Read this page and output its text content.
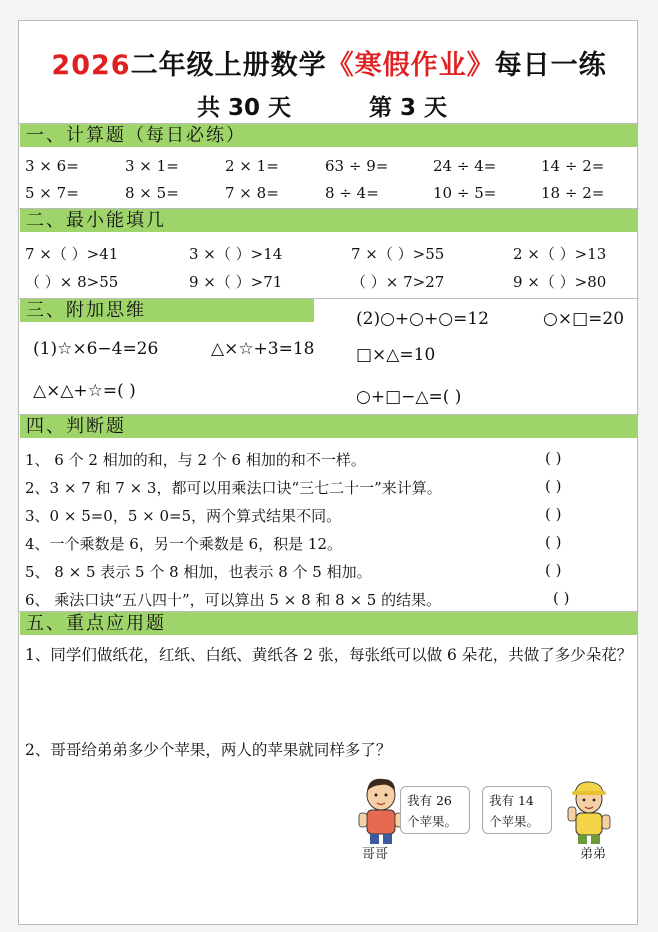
2026二年级上册数学《寒假作业》每日一练
共 30 天	第 3 天
一、计算题（每日必练）
3 × 6=	3 × 1=	2 × 1=	63 ÷ 9=	24 ÷ 4=	14 ÷ 2=
5 × 7=	8 × 5=	7 × 8=	8 ÷ 4=	10 ÷ 5=	18 ÷ 2=
二、最小能填几
7 ×（ ）>41	3 ×（ ）>14	7 ×（ ）>55	2 ×（ ）>13
（ ）× 8>55	9 ×（ ）>71	（ ）× 7>27	9 ×（ ）>80
三、附加思维	(2)○+○+○=12	○×□=20
(1)☆×6−4=26	△×☆+3=18 □×△=10
△×△+☆=( )	○+□−△=( )
四、判断题
1、 6 个 2 相加的和，与 2 个 6 相加的和不一样。	( )
2、3 × 7 和 7 × 3，都可以用乘法口诀“三七二十一”来计算。	( )
3、0 × 5=0，5 × 0=5，两个算式结果不同。	( )
4、一个乘数是 6，另一个乘数是 6，积是 12。	( )
5、 8 × 5 表示 5 个 8 相加，也表示 8 个 5 相加。	( )
6、 乘法口诀“五八四十”，可以算出 5 × 8 和 8 × 5 的结果。	( )
五、重点应用题
1、同学们做纸花，红纸、白纸、黄纸各 2 张，每张纸可以做 6 朵花，共做了多少朵花？
2、哥哥给弟弟多少个苹果，两人的苹果就同样多了？
我有 26 个苹果。
哥哥
我有 14 个苹果。
弟弟
